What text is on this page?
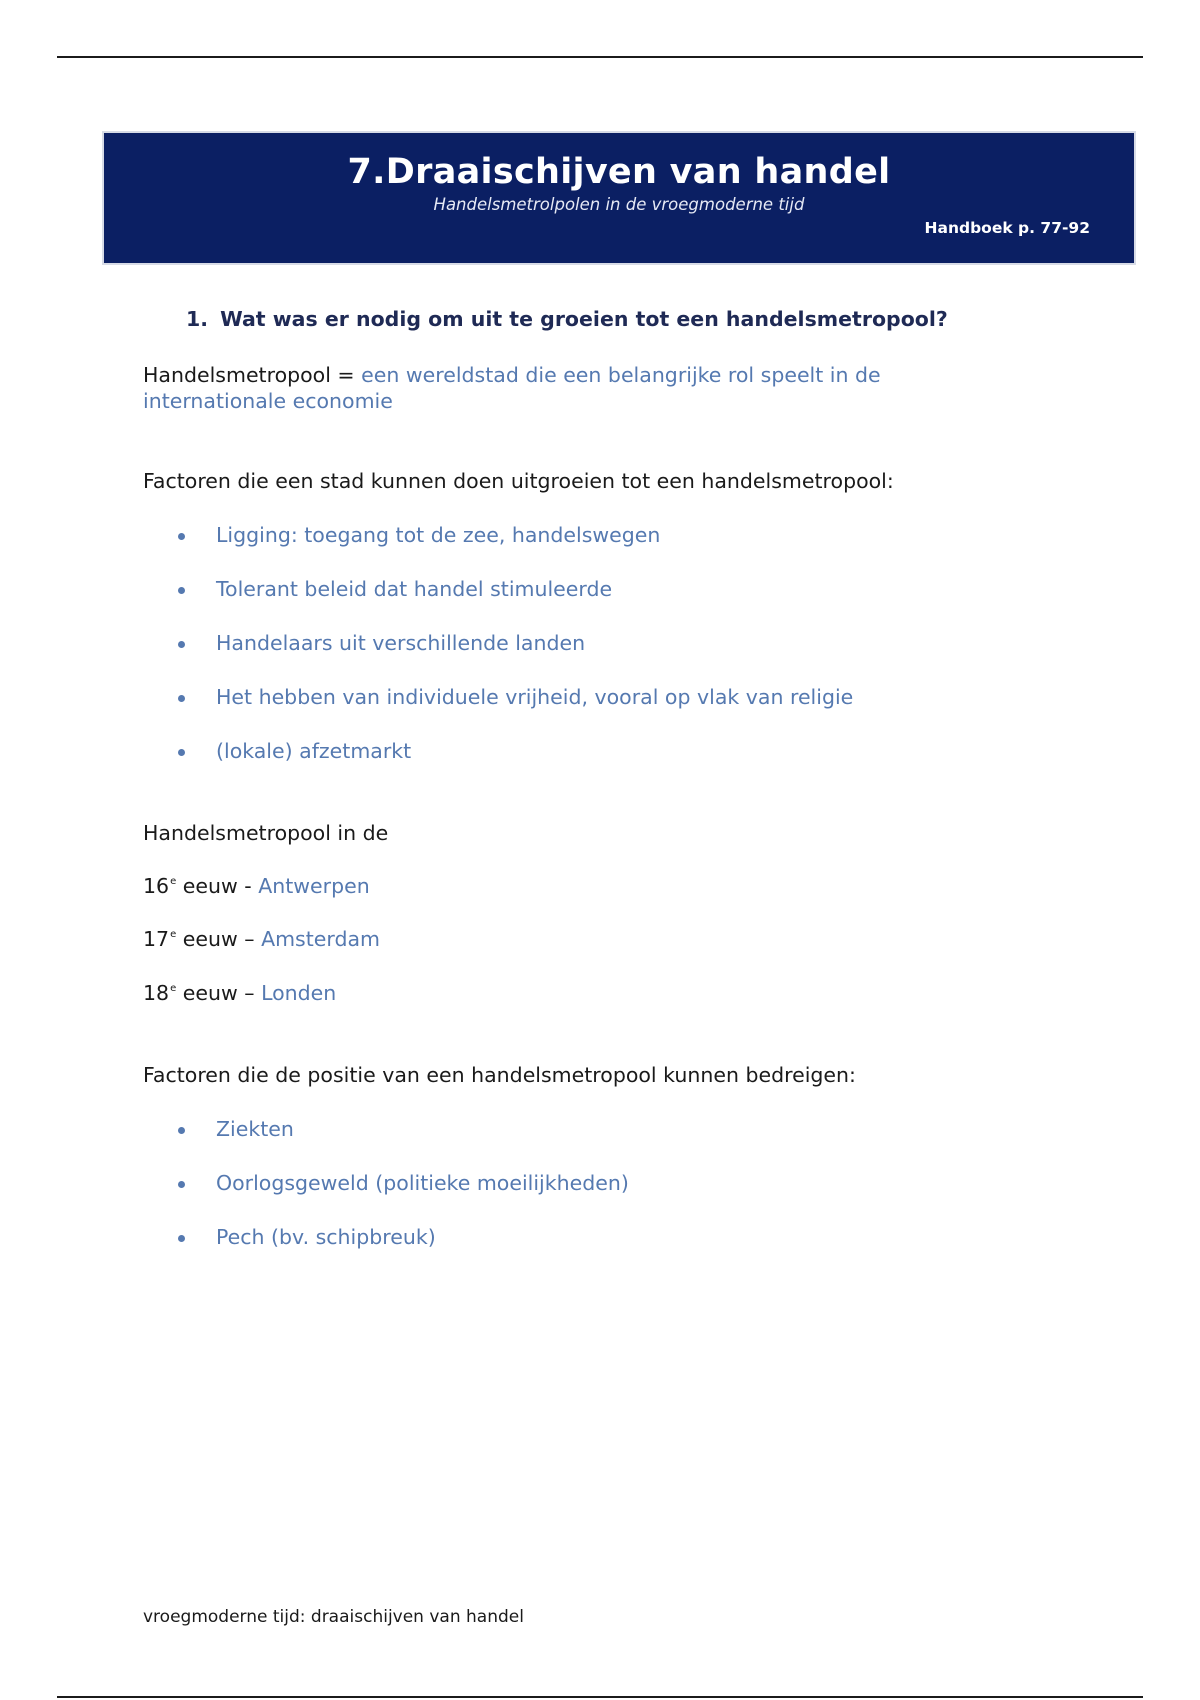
7.Draaischijven van handel
Handelsmetrolpolen in de vroegmoderne tijd
Handboek p. 77-92
1. Wat was er nodig om uit te groeien tot een handelsmetropool?
Handelsmetropool = een wereldstad die een belangrijke rol speelt in de internationale economie
Factoren die een stad kunnen doen uitgroeien tot een handelsmetropool:
Ligging: toegang tot de zee, handelswegen
Tolerant beleid dat handel stimuleerde
Handelaars uit verschillende landen
Het hebben van individuele vrijheid, vooral op vlak van religie
(lokale) afzetmarkt
Handelsmetropool in de
16e eeuw - Antwerpen
17e eeuw – Amsterdam
18e eeuw – Londen
Factoren die de positie van een handelsmetropool kunnen bedreigen:
Ziekten
Oorlogsgeweld (politieke moeilijkheden)
Pech (bv. schipbreuk)
vroegmoderne tijd: draaischijven van handel
